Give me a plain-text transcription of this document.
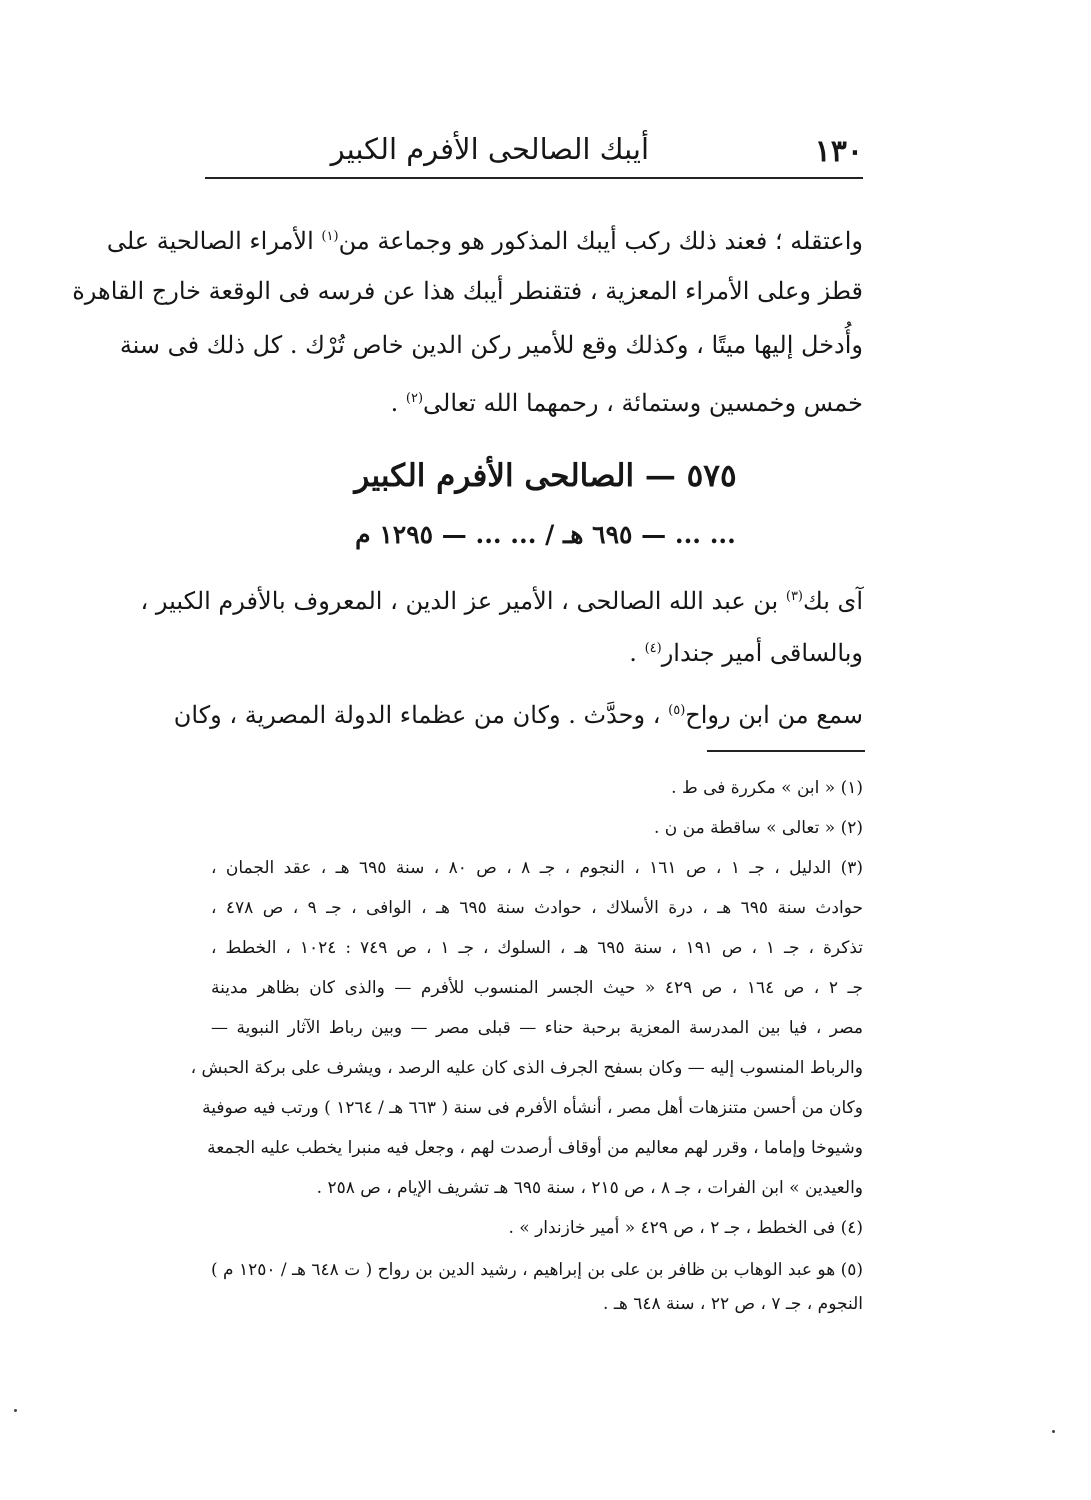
١٣٠
أيبك الصالحى الأفرم الكبير
واعتقله ؛ فعند ذلك ركب أيبك المذكور هو وجماعة من$^{(١)}$ الأمراء الصالحية على
قطز وعلى الأمراء المعزية ، فتقنطر أيبك هذا عن فرسه فى الوقعة خارج القاهرة
وأُدخل إليها ميتًا ، وكذلك وقع للأمير ركن الدين خاص تُرْك . كل ذلك فى سنة
خمس وخمسين وستمائة ، رحمهما الله تعالى$^{(٢)}$ .
٥٧٥ — الصالحى الأفرم الكبير
... ... — ٦٩٥ هـ / ... ... — ١٢٩٥ م
آى بك$^{(٣)}$ بن عبد الله الصالحى ، الأمير عز الدين ، المعروف بالأفرم الكبير ،
وبالساقى أمير جندار$^{(٤)}$ .
سمع من ابن رواح$^{(٥)}$ ، وحدَّث . وكان من عظماء الدولة المصرية ، وكان
(١) « ابن » مكررة فى ط .
(٢) « تعالى » ساقطة من ن .
(٣) الدليل ، جـ ١ ، ص ١٦١ ، النجوم ، جـ ٨ ، ص ٨٠ ، سنة ٦٩٥ هـ ، عقد الجمان ،
حوادث سنة ٦٩٥ هـ ، درة الأسلاك ، حوادث سنة ٦٩٥ هـ ، الوافى ، جـ ٩ ، ص ٤٧٨ ،
تذكرة ، جـ ١ ، ص ١٩١ ، سنة ٦٩٥ هـ ، السلوك ، جـ ١ ، ص ٧٤٩ : ١٠٢٤ ، الخطط ،
جـ ٢ ، ص ١٦٤ ، ص ٤٢٩ « حيث الجسر المنسوب للأفرم — والذى كان بظاهر مدينة
مصر ، فيا بين المدرسة المعزية برحبة حناء — قبلى مصر — وبين رباط الآثار النبوية —
والرباط المنسوب إليه — وكان بسفح الجرف الذى كان عليه الرصد ، ويشرف على بركة الحبش ،
وكان من أحسن متنزهات أهل مصر ، أنشأه الأفرم فى سنة ( ٦٦٣ هـ / ١٢٦٤ ) ورتب فيه صوفية
وشيوخا وإماما ، وقرر لهم معاليم من أوقاف أرصدت لهم ، وجعل فيه منبرا يخطب عليه الجمعة
والعيدين » ابن الفرات ، جـ ٨ ، ص ٢١٥ ، سنة ٦٩٥ هـ تشريف الإيام ، ص ٢٥٨ .
(٤) فى الخطط ، جـ ٢ ، ص ٤٢٩ « أمير خازندار » .
(٥) هو عبد الوهاب بن ظافر بن على بن إبراهيم ، رشيد الدين بن رواح ( ت ٦٤٨ هـ / ١٢٥٠ م )
النجوم ، جـ ٧ ، ص ٢٢ ، سنة ٦٤٨ هـ .
